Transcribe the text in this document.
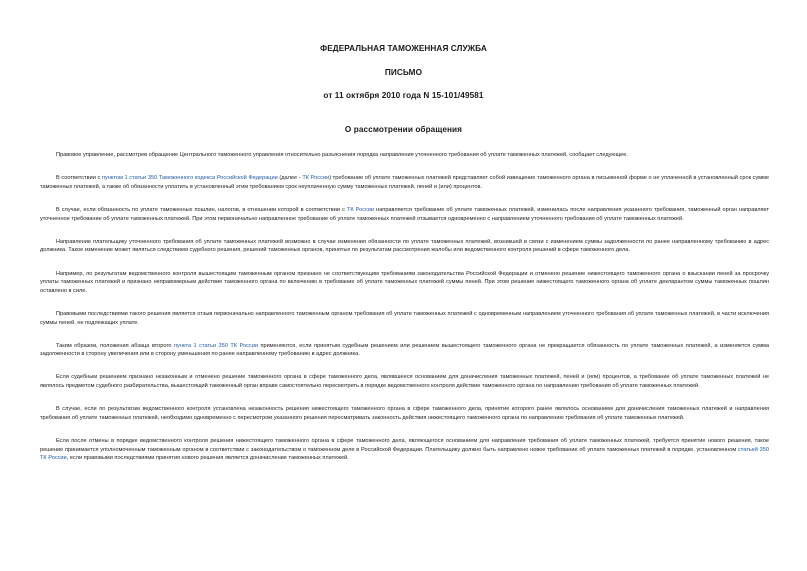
ФЕДЕРАЛЬНАЯ ТАМОЖЕННАЯ СЛУЖБА
ПИСЬМО
от 11 октября 2010 года N 15-101/49581
О рассмотрении обращения

Правовое управление, рассмотрев обращение Центрального таможенного управления относительно разъяснения порядка направления уточненного требования об уплате таможенных платежей, сообщает следующее.

В соответствии с пунктом 1 статьи 350 Таможенного кодекса Российской Федерации (далее - ТК России) требование об уплате таможенных платежей представляет собой извещение таможенного органа в письменной форме о не уплаченной в установленный срок сумме таможенных платежей, а также об обязанности уплатить в установленный этим требованием срок неуплаченную сумму таможенных платежей, пеней и (или) процентов.

В случае, если обязанность по уплате таможенных пошлин, налогов, в отношении которой в соответствии с ТК России направляется требование об уплате таможенных платежей, изменилась после направления указанного требования, таможенный орган направляет уточненное требование об уплате таможенных платежей. При этом первоначально направленное требование об уплате таможенных платежей отзывается одновременно с направлением уточненного требования об уплате таможенных платежей.

Направление плательщику уточненного требования об уплате таможенных платежей возможно в случае изменения обязанности по уплате таможенных платежей, возникшей в связи с изменением суммы задолженности по ранее направленному требованию в адрес должника. Такое изменение может являться следствием судебного решения, решений таможенных органов, принятых по результатам рассмотрения жалобы или ведомственного контроля решений в сфере таможенного дела.

Например, по результатам ведомственного контроля вышестоящим таможенным органом признано не соответствующим требованиям законодательства Российской Федерации и отменено решение нижестоящего таможенного органа о взыскании пеней за просрочку уплаты таможенных платежей и признано неправомерным действие таможенного органа по включению в требование об уплате таможенных платежей суммы пеней. При этом решение нижестоящего таможенного органа об уплате декларантом суммы таможенных пошлин оставлено в силе.

Правовыми последствиями такого решения является отзыв первоначально направленного таможенным органом требования об уплате таможенных платежей с одновременным направлением уточненного требования об уплате таможенных платежей, в части исключения суммы пеней, не подлежащих уплате.

Таким образом, положения абзаца второго пункта 1 статьи 350 ТК России применяются, если принятым судебным решением или решением вышестоящего таможенного органа не прекращается обязанность по уплате таможенных платежей, а изменяется сумма задолженности в сторону увеличения или в сторону уменьшения по ранее направленному требованию в адрес должника.

Если судебным решением признано незаконным и отменено решение таможенного органа в сфере таможенного дела, являвшееся основанием для доначисления таможенных платежей, пеней и (или) процентов, а требование об уплате таможенных платежей не являлось предметом судебного разбирательства, вышестоящий таможенный орган вправе самостоятельно пересмотреть в порядке ведомственного контроля действие таможенного органа по направлению требования об уплате таможенных платежей.

В случае, если по результатам ведомственного контроля установлена незаконность решения нижестоящего таможенного органа в сфере таможенного дела, принятие которого ранее являлось основанием для доначисления таможенных платежей и направления требования об уплате таможенных платежей, необходимо одновременно с пересмотром указанного решения пересматривать законность действия нижестоящего таможенного органа по направлению требования об уплате таможенных платежей.

Если после отмены в порядке ведомственного контроля решения нижестоящего таможенного органа в сфере таможенного дела, являющегося основанием для направления требования об уплате таможенных платежей, требуется принятие нового решения, такое решение принимается уполномоченным таможенным органом в соответствии с законодательством о таможенном деле в Российской Федерации. Плательщику должно быть направлено новое требование об уплате таможенных платежей в порядке, установленном статьей 350 ТК России, если правовыми последствиями принятия нового решения является доначисление таможенных платежей.
